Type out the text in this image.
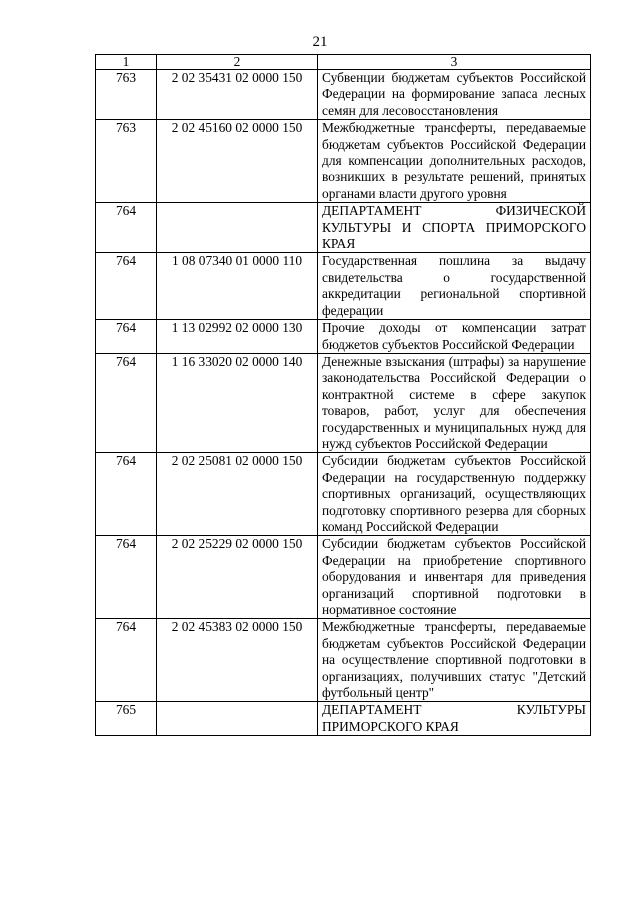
21
1	2	3
763	2 02 35431 02 0000 150	Субвенции бюджетам субъектов Российской Федерации на формирование запаса лесных семян для лесовосстановления
763	2 02 45160 02 0000 150	Межбюджетные трансферты, передаваемые бюджетам субъектов Российской Федерации для компенсации дополнительных расходов, возникших в результате решений, принятых органами власти другого уровня
764		ДЕПАРТАМЕНТ ФИЗИЧЕСКОЙ КУЛЬТУРЫ И СПОРТА ПРИМОРСКОГО КРАЯ
764	1 08 07340 01 0000 110	Государственная пошлина за выдачу свидетельства о государственной аккредитации региональной спортивной федерации
764	1 13 02992 02 0000 130	Прочие доходы от компенсации затрат бюджетов субъектов Российской Федерации
764	1 16 33020 02 0000 140	Денежные взыскания (штрафы) за нарушение законодательства Российской Федерации о контрактной системе в сфере закупок товаров, работ, услуг для обеспечения государственных и муниципальных нужд для нужд субъектов Российской Федерации
764	2 02 25081 02 0000 150	Субсидии бюджетам субъектов Российской Федерации на государственную поддержку спортивных организаций, осуществляющих подготовку спортивного резерва для сборных команд Российской Федерации
764	2 02 25229 02 0000 150	Субсидии бюджетам субъектов Российской Федерации на приобретение спортивного оборудования и инвентаря для приведения организаций спортивной подготовки в нормативное состояние
764	2 02 45383 02 0000 150	Межбюджетные трансферты, передаваемые бюджетам субъектов Российской Федерации на осуществление спортивной подготовки в организациях, получивших статус "Детский футбольный центр"
765		ДЕПАРТАМЕНТ КУЛЬТУРЫ ПРИМОРСКОГО КРАЯ
